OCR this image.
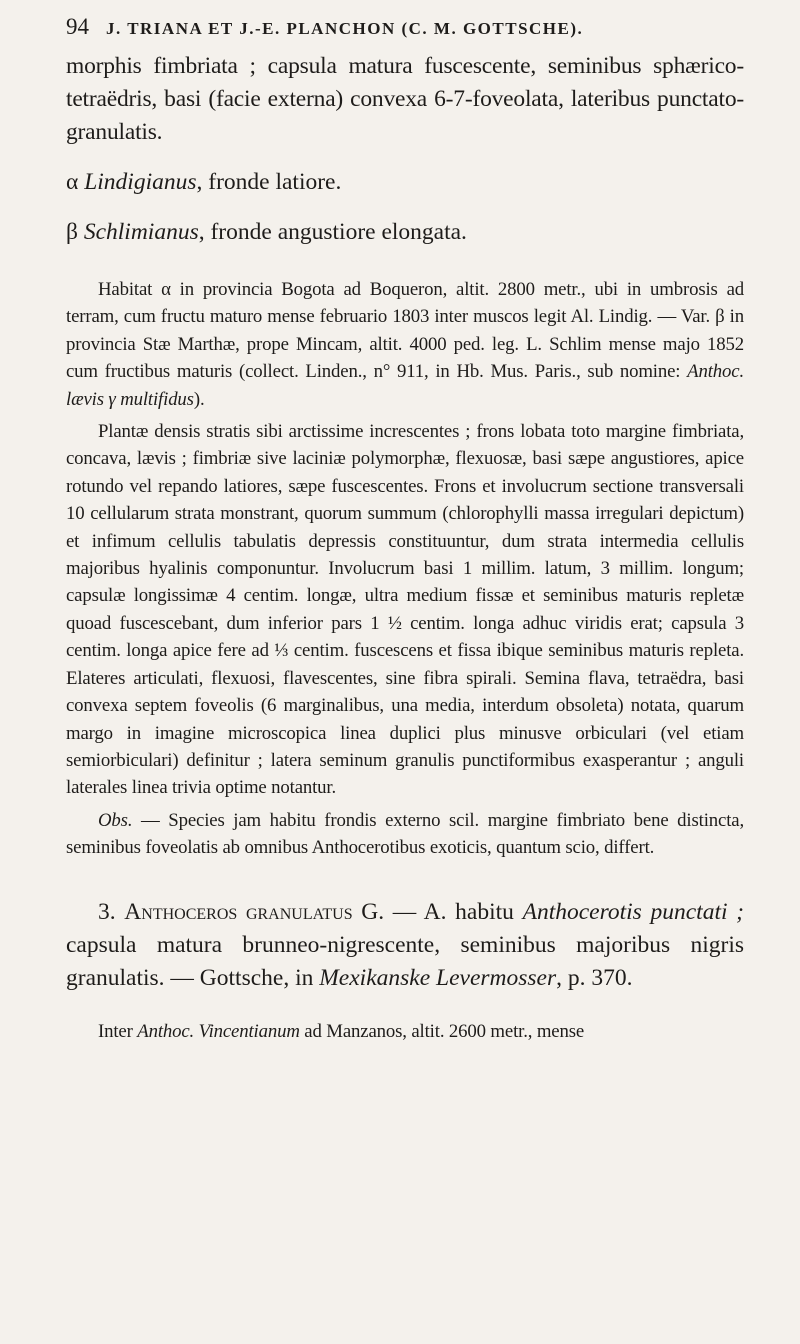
94	J. TRIANA ET J.-E. PLANCHON (C. M. GOTTSCHE).

morphis fimbriata ; capsula matura fuscescente, seminibus sphærico-tetraëdris, basi (facie externa) convexa 6-7-foveolata, lateribus punctato-granulatis.

α Lindigianus, fronde latiore.

β Schlimianus, fronde angustiore elongata.

Habitat α in provincia Bogota ad Boqueron, altit. 2800 metr., ubi in umbrosis ad terram, cum fructu maturo mense februario 1803 inter muscos legit Al. Lindig. — Var. β in provincia Stæ Marthæ, prope Mincam, altit. 4000 ped. leg. L. Schlim mense majo 1852 cum fructibus maturis (collect. Linden., n° 911, in Hb. Mus. Paris., sub nomine: Anthoc. lævis γ multifidus).

Plantæ densis stratis sibi arctissime increscentes ; frons lobata toto margine fimbriata, concava, lævis ; fimbriæ sive laciniæ polymorphæ, flexuosæ, basi sæpe angustiores, apice rotundo vel repando latiores, sæpe fuscescentes. Frons et involucrum sectione transversali 10 cellularum strata monstrant, quorum summum (chlorophylli massa irregulari depictum) et infimum cellulis tabulatis depressis constituuntur, dum strata intermedia cellulis majoribus hyalinis componuntur. Involucrum basi 1 millim. latum, 3 millim. longum; capsulæ longissimæ 4 centim. longæ, ultra medium fissæ et seminibus maturis repletæ quoad fuscescebant, dum inferior pars 1 ½ centim. longa adhuc viridis erat; capsula 3 centim. longa apice fere ad ⅓ centim. fuscescens et fissa ibique seminibus maturis repleta. Elateres articulati, flexuosi, flavescentes, sine fibra spirali. Semina flava, tetraëdra, basi convexa septem foveolis (6 marginalibus, una media, interdum obsoleta) notata, quarum margo in imagine microscopica linea duplici plus minusve orbiculari (vel etiam semiorbiculari) definitur ; latera seminum granulis punctiformibus exasperantur ; anguli laterales linea trivia optime notantur.

Obs. — Species jam habitu frondis externo scil. margine fimbriato bene distincta, seminibus foveolatis ab omnibus Anthocerotibus exoticis, quantum scio, differt.

3. Anthoceros granulatus G. — A. habitu Anthocerotis punctati ; capsula matura brunneo-nigrescente, seminibus majoribus nigris granulatis. — Gottsche, in Mexikanske Levermosser, p. 370.

Inter Anthoc. Vincentianum ad Manzanos, altit. 2600 metr., mense
